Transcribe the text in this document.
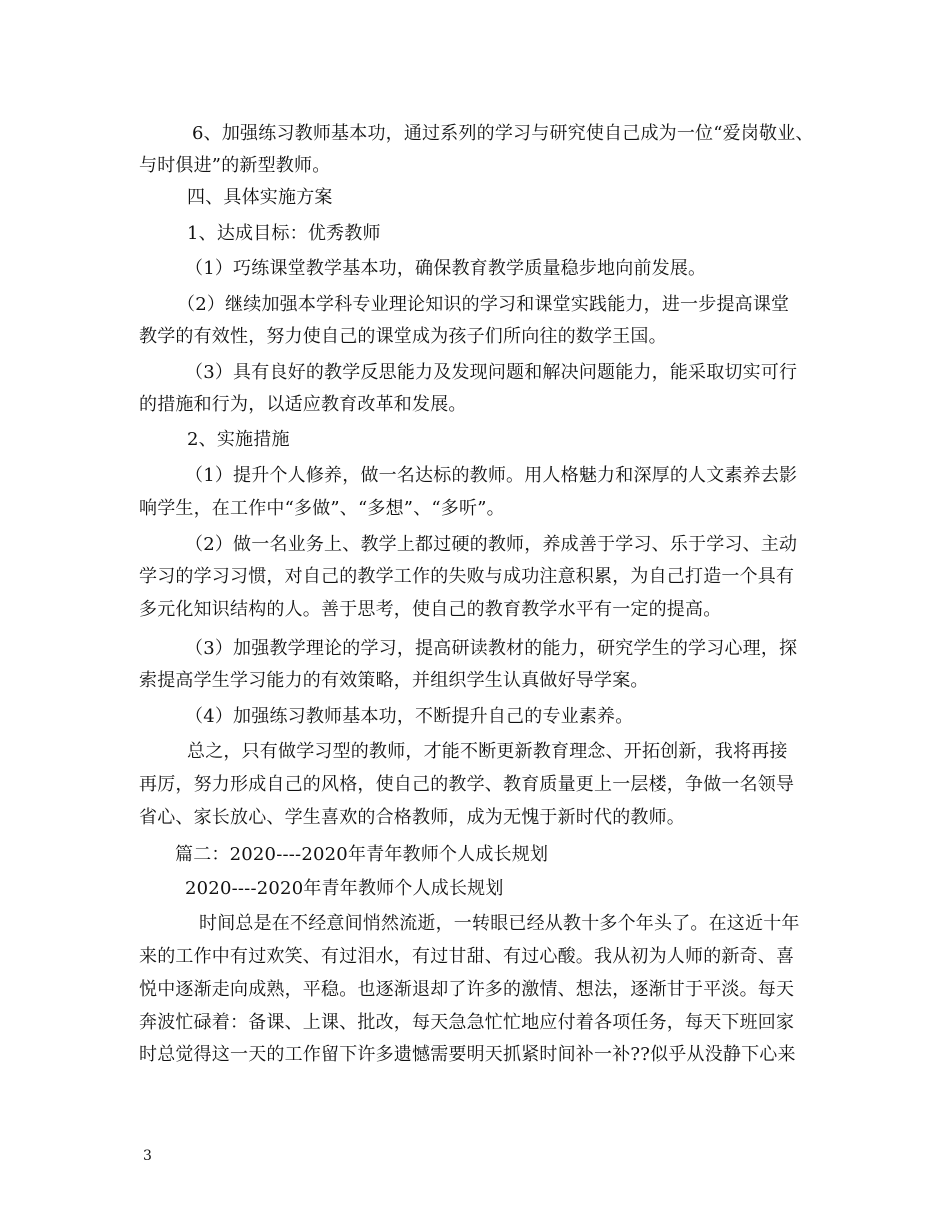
6、加强练习教师基本功，通过系列的学习与研究使自己成为一位“爱岗敬业、
与时俱进”的新型教师。
四、具体实施方案
1、达成目标：优秀教师
（1）巧练课堂教学基本功，确保教育教学质量稳步地向前发展。
（2）继续加强本学科专业理论知识的学习和课堂实践能力，进一步提高课堂
教学的有效性，努力使自己的课堂成为孩子们所向往的数学王国。
（3）具有良好的教学反思能力及发现问题和解决问题能力，能采取切实可行
的措施和行为，以适应教育改革和发展。
2、实施措施
（1）提升个人修养，做一名达标的教师。用人格魅力和深厚的人文素养去影
响学生，在工作中“多做”、“多想”、“多听”。
（2）做一名业务上、教学上都过硬的教师，养成善于学习、乐于学习、主动
学习的学习习惯，对自己的教学工作的失败与成功注意积累，为自己打造一个具有
多元化知识结构的人。善于思考，使自己的教育教学水平有一定的提高。
（3）加强教学理论的学习，提高研读教材的能力，研究学生的学习心理，探
索提高学生学习能力的有效策略，并组织学生认真做好导学案。
（4）加强练习教师基本功，不断提升自己的专业素养。
总之，只有做学习型的教师，才能不断更新教育理念、开拓创新，我将再接
再厉，努力形成自己的风格，使自己的教学、教育质量更上一层楼，争做一名领导
省心、家长放心、学生喜欢的合格教师，成为无愧于新时代的教师。
篇二：2020----2020年青年教师个人成长规划
2020----2020年青年教师个人成长规划
时间总是在不经意间悄然流逝，一转眼已经从教十多个年头了。在这近十年
来的工作中有过欢笑、有过泪水，有过甘甜、有过心酸。我从初为人师的新奇、喜
悦中逐渐走向成熟，平稳。也逐渐退却了许多的激情、想法，逐渐甘于平淡。每天
奔波忙碌着：备课、上课、批改，每天急急忙忙地应付着各项任务，每天下班回家
时总觉得这一天的工作留下许多遗憾需要明天抓紧时间补一补??似乎从没静下心来
3
